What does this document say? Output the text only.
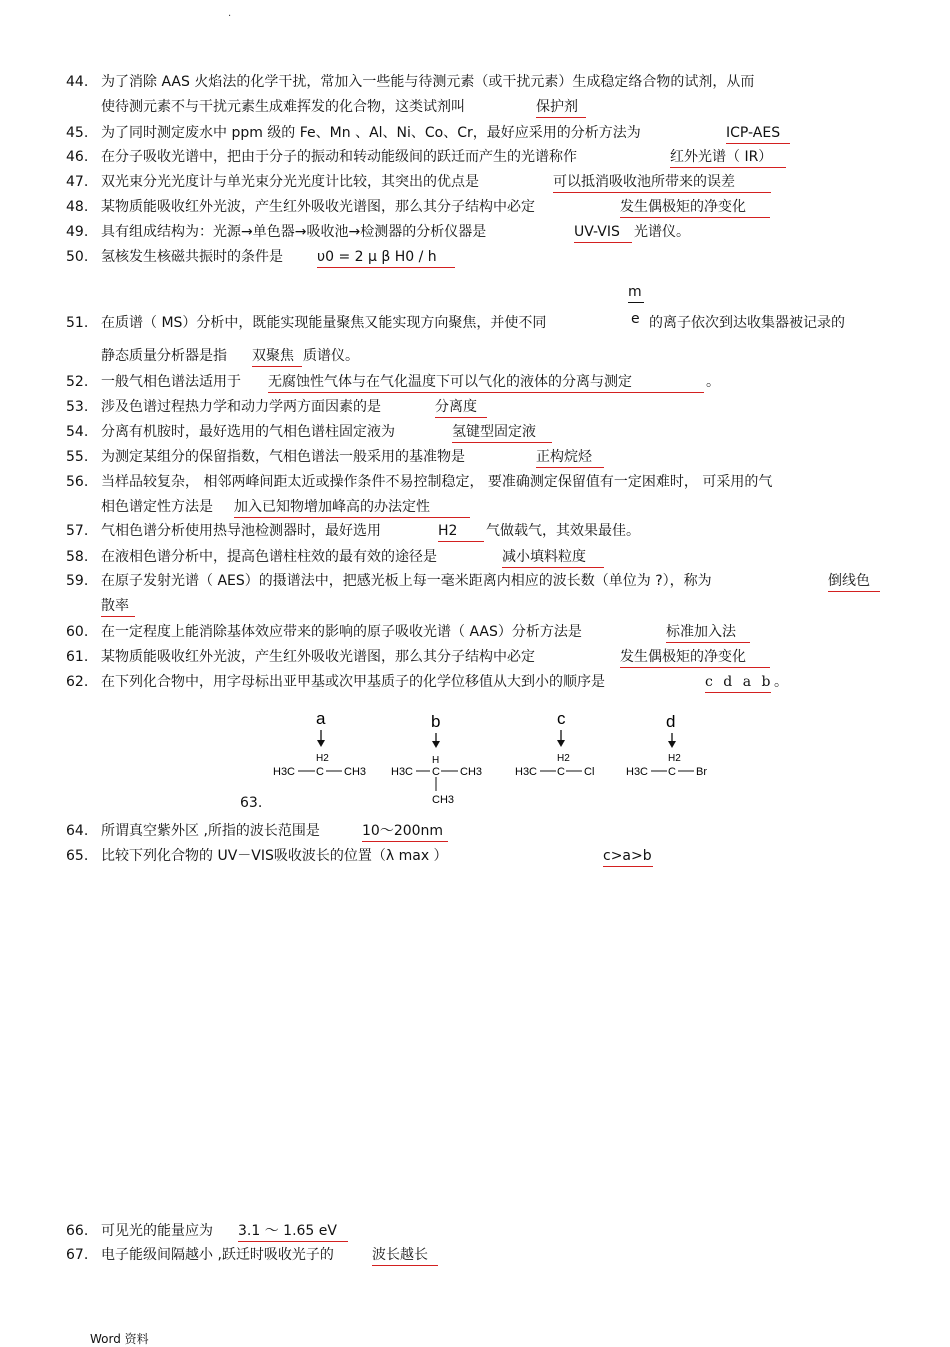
.
44. 为了消除 AAS 火焰法的化学干扰，常加入一些能与待测元素（或干扰元素）生成稳定络合物的试剂，从而
使待测元素不与干扰元素生成难挥发的化合物，这类试剂叫	保护剂
45. 为了同时测定废水中 ppm 级的 Fe、Mn 、Al、Ni、Co、Cr，最好应采用的分析方法为	ICP-AES
46. 在分子吸收光谱中，把由于分子的振动和转动能级间的跃迁而产生的光谱称作	红外光谱（ IR）
47. 双光束分光光度计与单光束分光光度计比较，其突出的优点是	可以抵消吸收池所带来的误差
48. 某物质能吸收红外光波，产生红外吸收光谱图，那么其分子结构中必定	发生偶极矩的净变化
49. 具有组成结构为：光源→单色器→吸收池→检测器的分析仪器是	UV-VIS	光谱仪。
50. 氢核发生核磁共振时的条件是 υ0 = 2 μ β H0 / h
m
e
51. 在质谱（ MS）分析中，既能实现能量聚焦又能实现方向聚焦，并使不同	的离子依次到达收集器被记录的
静态质量分析器是指 双聚焦 质谱仪。
52. 一般气相色谱法适用于 无腐蚀性气体与在气化温度下可以气化的液体的分离与测定	。
53. 涉及色谱过程热力学和动力学两方面因素的是	分离度
54. 分离有机胺时，最好选用的气相色谱柱固定液为	氢键型固定液
55. 为测定某组分的保留指数，气相色谱法一般采用的基准物是	正构烷烃
56. 当样品较复杂， 相邻两峰间距太近或操作条件不易控制稳定， 要准确测定保留值有一定困难时， 可采用的气
相色谱定性方法是 加入已知物增加峰高的办法定性
57. 气相色谱分析使用热导池检测器时，最好选用	H2	气做载气，其效果最佳。
58. 在液相色谱分析中，提高色谱柱柱效的最有效的途径是	减小填料粒度
59. 在原子发射光谱（ AES）的摄谱法中，把感光板上每一毫米距离内相应的波长数（单位为 ?），称为	倒线色
散率
60. 在一定程度上能消除基体效应带来的影响的原子吸收光谱（ AAS）分析方法是	标准加入法
61. 某物质能吸收红外光波，产生红外吸收光谱图，那么其分子结构中必定	发生偶极矩的净变化
62. 在下列化合物中，用字母标出亚甲基或次甲基质子的化学位移值从大到小的顺序是	c d a b 。
a
H2
H3C C CH3
b
H
H3C C CH3
CH3
c
H2
H3C C Cl
d
H2
H3C C Br
63.
64. 所谓真空紫外区 ,所指的波长范围是	10～200nm
65. 比较下列化合物的 UV－VIS吸收波长的位置（λ max ）	c>a>b
66. 可见光的能量应为 3.1 ～ 1.65 eV
67. 电子能级间隔越小 ,跃迁时吸收光子的	波长越长
Word 资料
